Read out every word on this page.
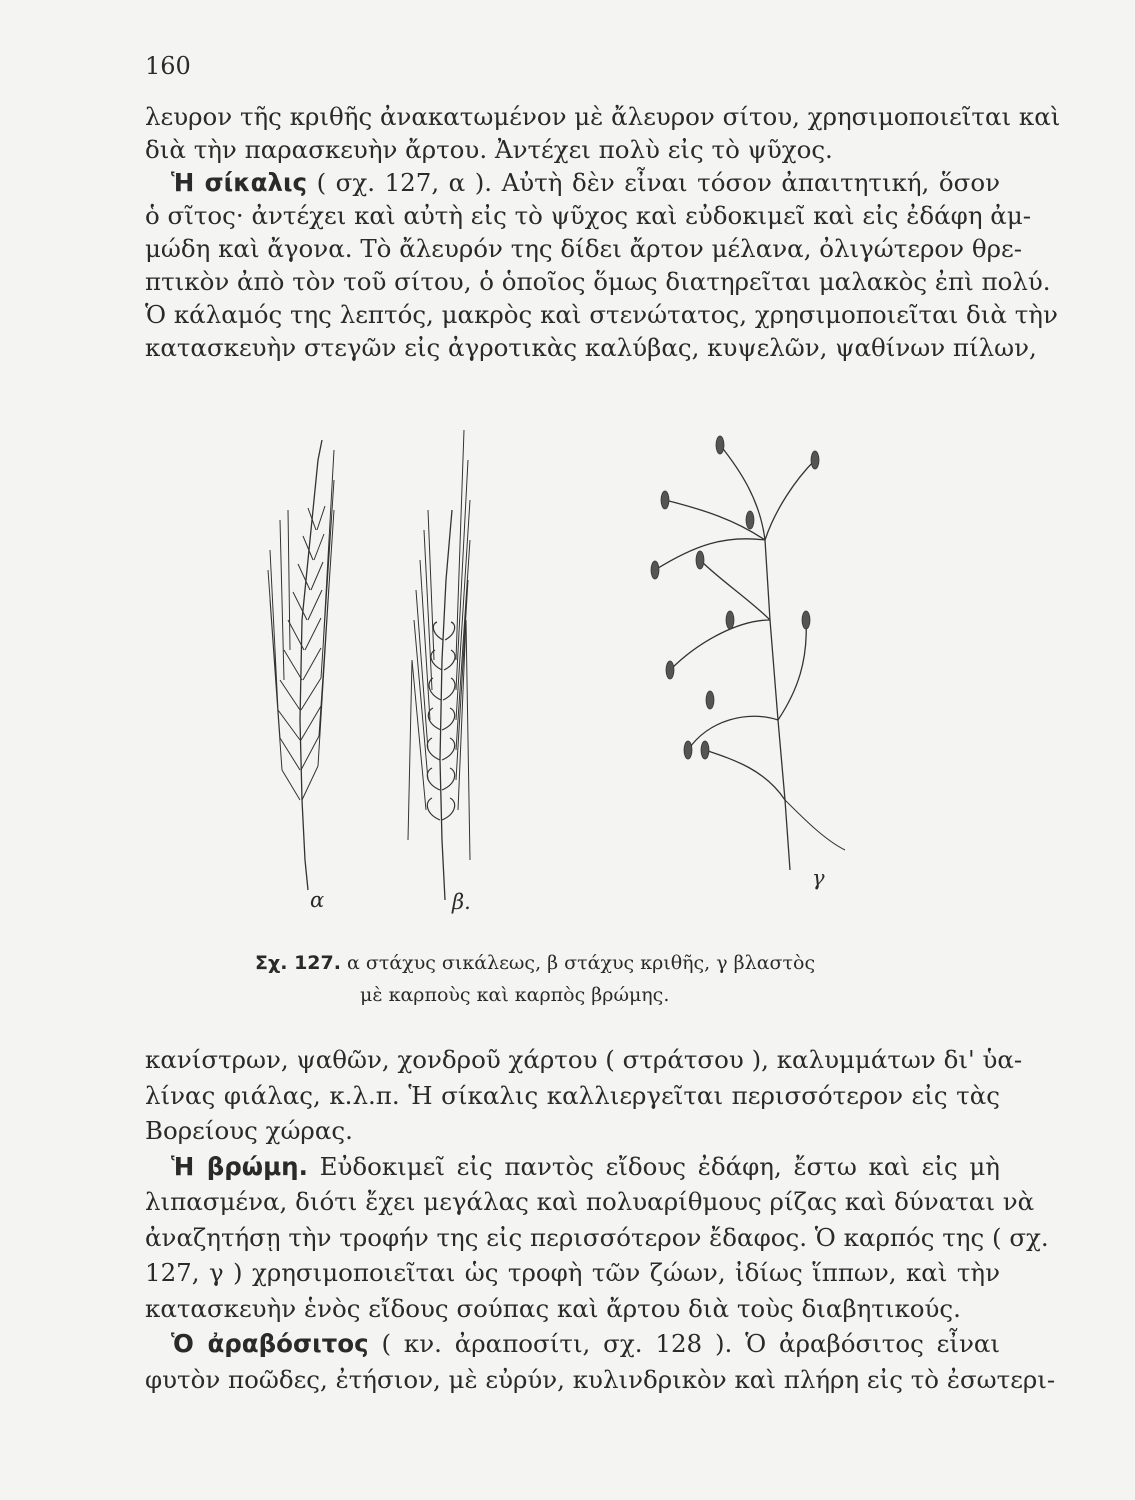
160
λευρον τῆς κριθῆς ἀνακατωμένον μὲ ἄλευρον σίτου, χρησιμοποιεῖται καὶ
διὰ τὴν παρασκευὴν ἄρτου. Ἀντέχει πολὺ εἰς τὸ ψῦχος.
Ἡ σίκαλις ( σχ. 127, α ). Αὐτὴ δὲν εἶναι τόσον ἀπαιτητική, ὅσον
ὁ σῖτος· ἀντέχει καὶ αὐτὴ εἰς τὸ ψῦχος καὶ εὐδοκιμεῖ καὶ εἰς ἐδάφη ἀμ-
μώδη καὶ ἄγονα. Τὸ ἄλευρόν της δίδει ἄρτον μέλανα, ὀλιγώτερον θρε-
πτικὸν ἀπὸ τὸν τοῦ σίτου, ὁ ὁποῖος ὅμως διατηρεῖται μαλακὸς ἐπὶ πολύ.
Ὁ κάλαμός της λεπτός, μακρὸς καὶ στενώτατος, χρησιμοποιεῖται διὰ τὴν
κατασκευὴν στεγῶν εἰς ἀγροτικὰς καλύβας, κυψελῶν, ψαθίνων πίλων,
α	β.
γ
Σχ. 127. α στάχυς σικάλεως, β στάχυς κριθῆς, γ βλαστὸς
μὲ καρποὺς καὶ καρπὸς βρώμης.
κανίστρων, ψαθῶν, χονδροῦ χάρτου ( στράτσου ), καλυμμάτων δι' ὑα-
λίνας φιάλας, κ.λ.π. Ἡ σίκαλις καλλιεργεῖται περισσότερον εἰς τὰς
Βορείους χώρας.
Ἡ βρώμη. Εὐδοκιμεῖ εἰς παντὸς εἴδους ἐδάφη, ἔστω καὶ εἰς μὴ
λιπασμένα, διότι ἔχει μεγάλας καὶ πολυαρίθμους ρίζας καὶ δύναται νὰ
ἀναζητήσῃ τὴν τροφήν της εἰς περισσότερον ἔδαφος. Ὁ καρπός της ( σχ.
127, γ ) χρησιμοποιεῖται ὡς τροφὴ τῶν ζώων, ἰδίως ἵππων, καὶ τὴν
κατασκευὴν ἑνὸς εἴδους σούπας καὶ ἄρτου διὰ τοὺς διαβητικούς.
Ὁ ἀραβόσιτος ( κν. ἀραποσίτι, σχ. 128 ). Ὁ ἀραβόσιτος εἶναι
φυτὸν ποῶδες, ἐτήσιον, μὲ εὐρύν, κυλινδρικὸν καὶ πλήρη εἰς τὸ ἐσωτερι-
